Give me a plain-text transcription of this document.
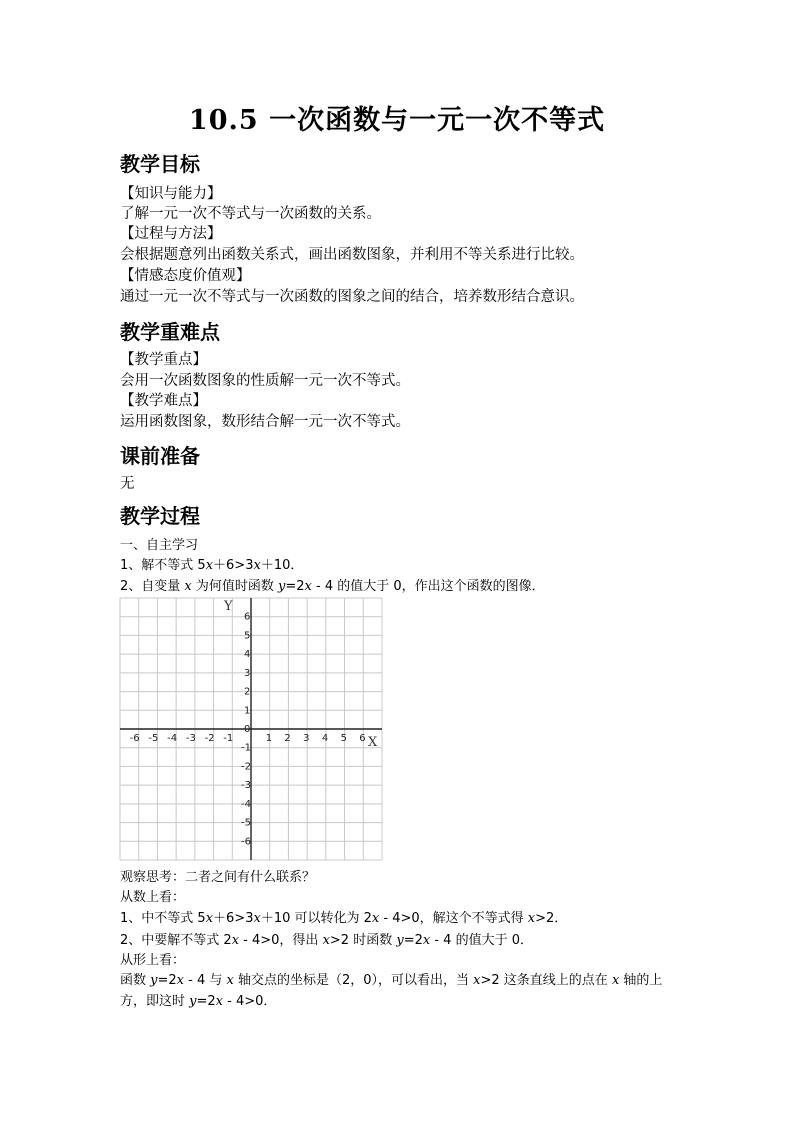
10.5 一次函数与一元一次不等式
教学目标
【知识与能力】
了解一元一次不等式与一次函数的关系。
【过程与方法】
会根据题意列出函数关系式，画出函数图象，并利用不等关系进行比较。
【情感态度价值观】
通过一元一次不等式与一次函数的图象之间的结合，培养数形结合意识。
教学重难点
【教学重点】
会用一次函数图象的性质解一元一次不等式。
【教学难点】
运用函数图象，数形结合解一元一次不等式。
课前准备
无
教学过程
一、自主学习
1、解不等式 5x＋6>3x＋10．
2、自变量 x 为何值时函数 y=2x - 4 的值大于 0，作出这个函数的图像．
-6 -5 -4 -3 -2 -1	1 2 3 4 5 6
6
5
4
3
2
1
0
-1
-2
-3
-4
-5
-6
X
Y
观察思考：二者之间有什么联系？
从数上看：
1、中不等式 5x＋6>3x＋10 可以转化为 2x - 4>0，解这个不等式得 x>2．
2、中要解不等式 2x - 4>0，得出 x>2 时函数 y=2x - 4 的值大于 0．
从形上看：
函数 y=2x - 4 与 x 轴交点的坐标是（2，0），可以看出，当 x>2 这条直线上的点在 x 轴的上
方，即这时 y=2x - 4>0．
